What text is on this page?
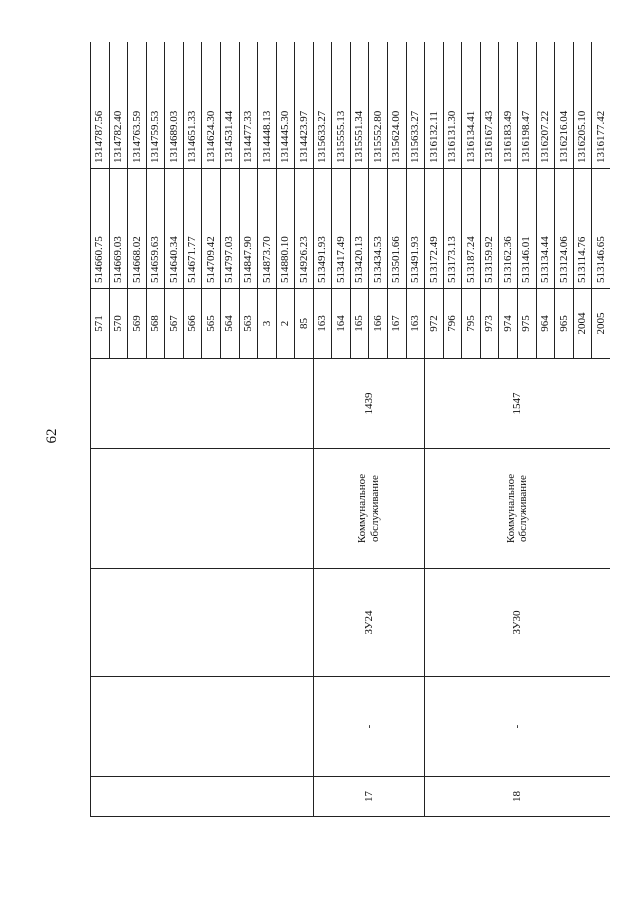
62
					571	514660.75	1314787.56
					570	514669.03	1314782.40
					569	514668.02	1314763.59
					568	514659.63	1314759.53
					567	514640.34	1314689.03
					566	514671.77	1314651.33
					565	514709.42	1314624.30
					564	514797.03	1314531.44
					563	514847.90	1314477.33
					3	514873.70	1314448.13
					2	514880.10	1314445.30
					85	514926.23	1314423.97
17	-	ЗУ24	Коммунальное обслуживание	1439	163	513491.93	1315633.27
					164	513417.49	1315555.13
					165	513420.13	1315551.34
					166	513434.53	1315552.80
					167	513501.66	1315624.00
					163	513491.93	1315633.27
18	-	ЗУ30	Коммунальное обслуживание	1547	972	513172.49	1316132.11
					796	513173.13	1316131.30
					795	513187.24	1316134.41
					973	513159.92	1316167.43
					974	513162.36	1316183.49
					975	513146.01	1316198.47
					964	513134.44	1316207.22
					965	513124.06	1316216.04
					2004	513114.76	1316205.10
					2005	513146.65	1316177.42
